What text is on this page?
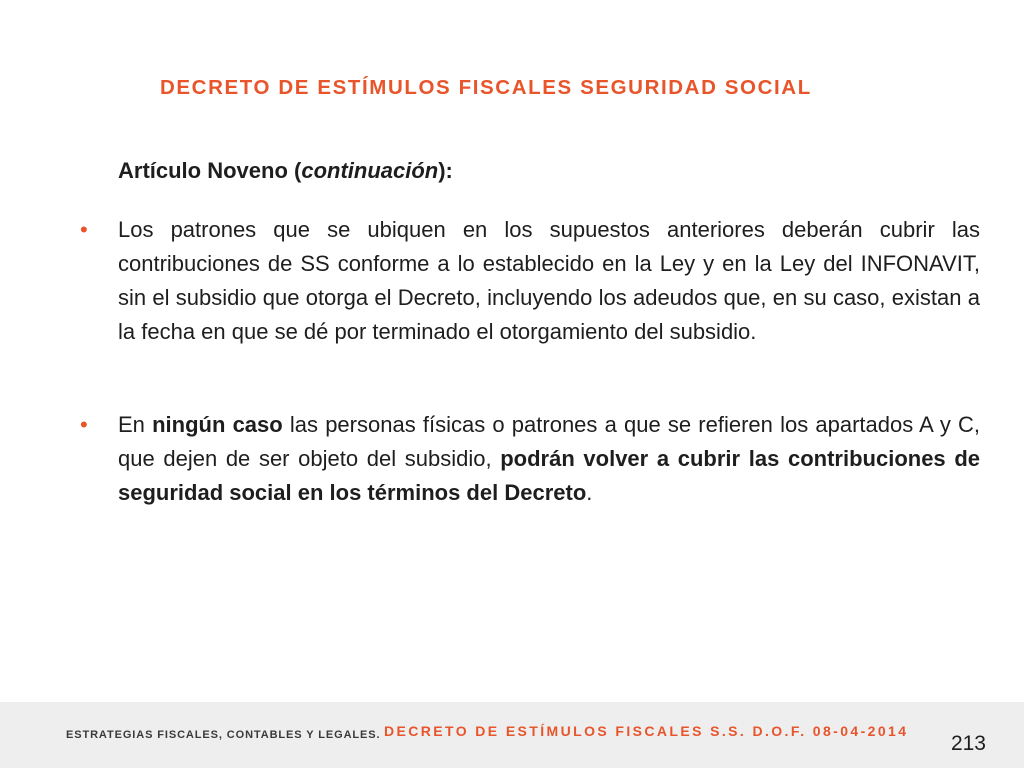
DECRETO DE ESTÍMULOS FISCALES SEGURIDAD SOCIAL
Artículo Noveno (continuación):
• Los patrones que se ubiquen en los supuestos anteriores deberán cubrir las contribuciones de SS conforme a lo establecido en la Ley y en la Ley del INFONAVIT, sin el subsidio que otorga el Decreto, incluyendo los adeudos que, en su caso, existan a la fecha en que se dé por terminado el otorgamiento del subsidio.
• En ningún caso las personas físicas o patrones a que se refieren los apartados A y C, que dejen de ser objeto del subsidio, podrán volver a cubrir las contribuciones de seguridad social en los términos del Decreto.
ESTRATEGIAS FISCALES, CONTABLES Y LEGALES. DECRETO DE ESTÍMULOS FISCALES S.S. D.O.F. 08-04-2014
213
